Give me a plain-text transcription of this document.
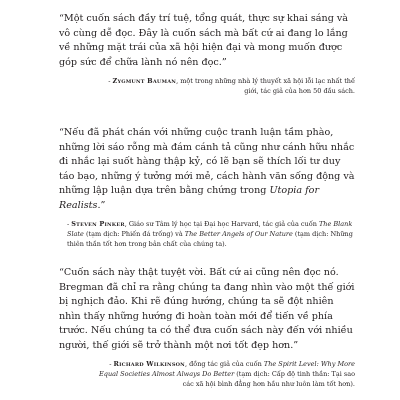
“Một cuốn sách đầy trí tuệ, tổng quát, thực sự khai sáng và vô cùng dễ đọc. Đây là cuốn sách mà bất cứ ai đang lo lắng về những mặt trái của xã hội hiện đại và mong muốn được góp sức để chữa lành nó nên đọc.”

- Zygmunt Bauman, một trong những nhà lý thuyết xã hội lỗi lạc nhất thế giới, tác giả của hơn 50 đầu sách.

“Nếu đã phát chán với những cuộc tranh luận tầm phào, những lời sáo rỗng mà đám cánh tả cũng như cánh hữu nhắc đi nhắc lại suốt hàng thập kỷ, có lẽ bạn sẽ thích lối tư duy táo bạo, những ý tưởng mới mẻ, cách hành văn sống động và những lập luận dựa trên bằng chứng trong Utopia for Realists.”

- Steven Pinker, Giáo sư Tâm lý học tại Đại học Harvard, tác giả của cuốn The Blank Slate (tạm dịch: Phiến đá trống) và The Better Angels of Our Nature (tạm dịch: Những thiên thần tốt hơn trong bản chất của chúng ta).

“Cuốn sách này thật tuyệt vời. Bất cứ ai cũng nên đọc nó. Bregman đã chỉ ra rằng chúng ta đang nhìn vào một thế giới bị nghịch đảo. Khi rẽ đúng hướng, chúng ta sẽ đột nhiên nhìn thấy những hướng đi hoàn toàn mới để tiến về phía trước. Nếu chúng ta có thể đưa cuốn sách này đến với nhiều người, thế giới sẽ trở thành một nơi tốt đẹp hơn.”

- Richard Wilkinson, đồng tác giả của cuốn The Spirit Level: Why More Equal Societies Almost Always Do Better (tạm dịch: Cấp độ tinh thần: Tại sao các xã hội bình đẳng hơn hầu như luôn làm tốt hơn).
